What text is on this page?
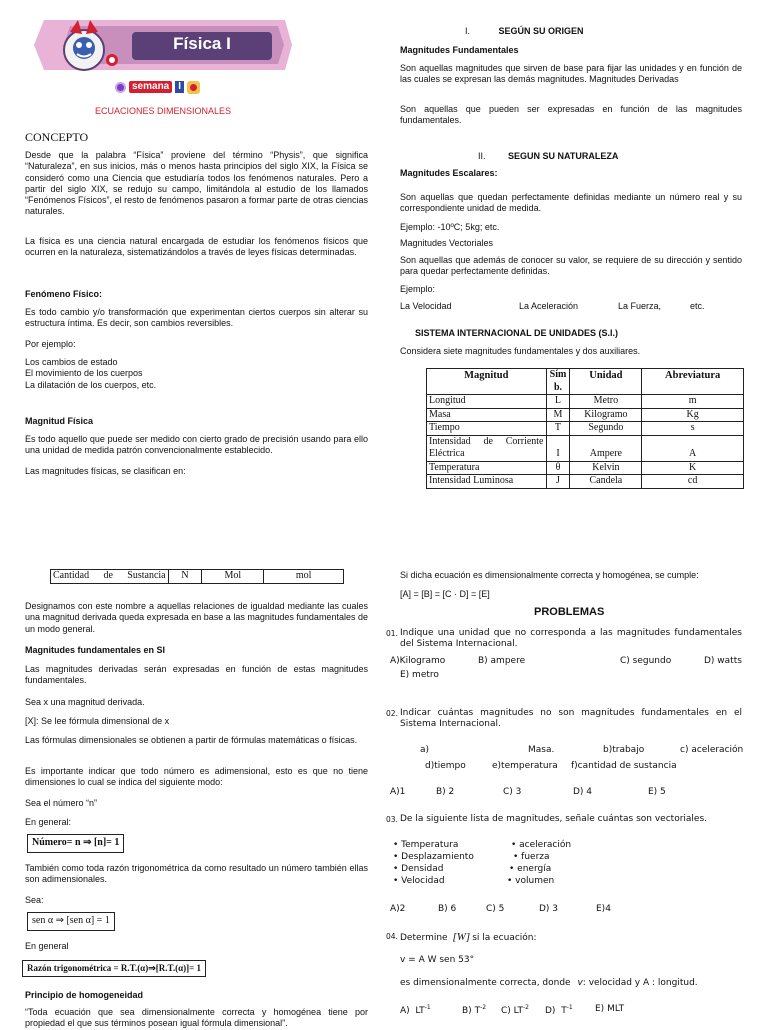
Física I
semana I
ECUACIONES DIMENSIONALES
CONCEPTO

Desde que la palabra “Física” proviene del término “Physis”, que significa “Naturaleza”, en sus inicios, más o menos hasta principios del siglo XIX, la Física se consideró como una Ciencia que estudiaría todos los fenómenos naturales. Pero a partir del siglo XIX, se redujo su campo, limitándola al estudio de los llamados “Fenómenos Físicos”, el resto de fenómenos pasaron a formar parte de otras ciencias naturales.

La física es una ciencia natural encargada de estudiar los fenómenos físicos que ocurren en la naturaleza, sistematizándolos a través de leyes físicas determinadas.

Fenómeno Físico:

Es todo cambio y/o transformación que experimentan ciertos cuerpos sin alterar su estructura íntima. Es decir, son cambios reversibles.

Por ejemplo:
Los cambios de estado
El movimiento de los cuerpos
La dilatación de los cuerpos, etc.
Magnitud Física

Es todo aquello que puede ser medido con cierto grado de precisión usando para ello una unidad de medida patrón convencionalmente establecido.

Las magnitudes físicas, se clasifican en:
I.	SEGÚN SU ORIGEN
Magnitudes Fundamentales

Son aquellas magnitudes que sirven de base para fijar las unidades y en función de las cuales se expresan las demás magnitudes. Magnitudes Derivadas

Son aquellas que pueden ser expresadas en función de las magnitudes fundamentales.

II.	SEGUN SU NATURALEZA
Magnitudes Escalares:

Son aquellas que quedan perfectamente definidas mediante un número real y su correspondiente unidad de medida.

Ejemplo: -10ºC; 5kg; etc.
Magnitudes Vectoriales

Son aquellas que además de conocer su valor, se requiere de su dirección y sentido para quedar perfectamente definidas.

Ejemplo:
La Velocidad	La Aceleración	La Fuerza,	etc.
SISTEMA INTERNACIONAL DE UNIDADES (S.I.)
Considera siete magnitudes fundamentales y dos auxiliares.
Magnitud	Sím b.	Unidad	Abreviatura
Longitud	L	Metro	m
Masa	M	Kilogramo	Kg
Tiempo	T	Segundo	s
Intensidad de Corriente Eléctrica	I	Ampere	A
Temperatura	θ	Kelvin	K
Intensidad Luminosa	J	Candela	cd
Cantidad de Sustancia	N	Mol	mol

Designamos con este nombre a aquellas relaciones de igualdad mediante las cuales una magnitud derivada queda expresada en base a las magnitudes fundamentales de un modo general.

Magnitudes fundamentales en SI

Las magnitudes derivadas serán expresadas en función de estas magnitudes fundamentales.

Sea x una magnitud derivada.
[X]: Se lee fórmula dimensional de x

Las fórmulas dimensionales se obtienen a partir de fórmulas matemáticas o físicas.

Es importante indicar que todo número es adimensional, esto es que no tiene dimensiones lo cual se indica del siguiente modo:

Sea el número “n”
En general:
Número= n ⇒ [n]= 1

También como toda razón trigonométrica da como resultado un número también ellas son adimensionales.

Sea:
sen α ⇒ [sen α] = 1
En general
Razón trigonométrica = R.T.(α)⇒[R.T.(α)]= 1
Principio de homogeneidad

“Toda ecuación que sea dimensionalmente correcta y homogénea tiene por propiedad el que sus términos posean igual fórmula dimensional”.

Si dicha ecuación es dimensionalmente correcta y homogénea, se cumple:
[A] = [B] = [C · D] = [E]
PROBLEMAS
01. Indique una unidad que no corresponda a las magnitudes fundamentales del Sistema Internacional.

A)Kilogramo	B) ampere	C) segundo	D) watts
E) metro
02. Indicar cuántas magnitudes no son magnitudes fundamentales en el Sistema Internacional.

a)	Masa.	b)trabajo	c) aceleración
d)tiempo	e)temperatura f)cantidad de sustancia
A)1	B) 2	C) 3	D) 4	E) 5
03. De la siguiente lista de magnitudes, señale cuántas son vectoriales.

• Temperatura
• Desplazamiento
• Densidad
• Velocidad
• aceleración
• fuerza
• energía
• volumen
A)2	B) 6	C) 5	D) 3	E)4
04. Determine [W] si la ecuación:

v = A W sen 53°
es dimensionalmente correcta, donde v: velocidad y A : longitud.
A) $LT^{-1}$	B) $T^{-2}$ C) $LT^{-2}$ D) $T^{-1}$ E) MLT
